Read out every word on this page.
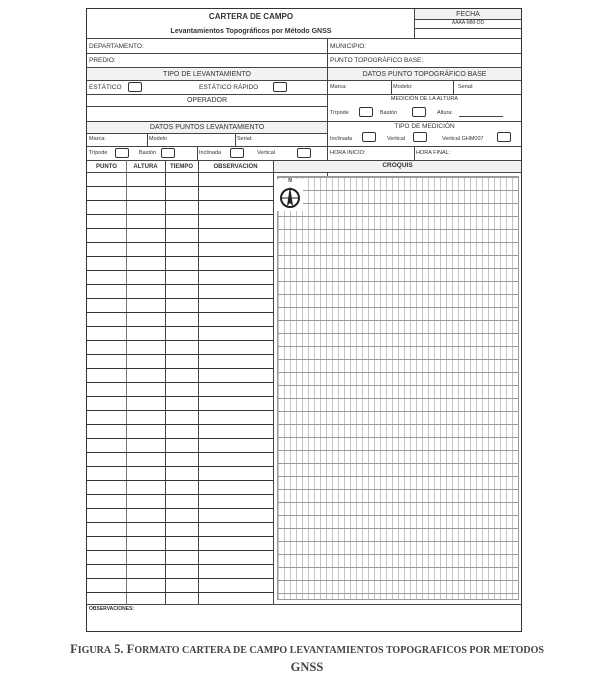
CARTERA DE CAMPO
Levantamientos Topográficos por Método GNSS
FECHA
AAAA-MM-DD
DEPARTAMENTO:	MUNICIPIO:
PREDIO:	PUNTO TOPOGRÁFICO BASE:
TIPO DE LEVANTAMIENTO
ESTÁTICO	ESTÁTICO RÁPIDO
OPERADOR
DATOS PUNTOS LEVANTAMIENTO
Marca:	Modelo	Serial:
Tripode	Bastón	Inclinada	Vertical
DATOS PUNTO TOPOGRÁFICO BASE
Marca:	Modelo:	Serial:
MEDICIÓN DE LA ALTURA
Trípode	Bastón	Altura:
TIPO DE MEDICIÓN
Inclinada	Vertical	Vertical GHM007
HORA INICIO:	HORA FINAL:
PUNTO	ALTURA	TIEMPO	OBSERVACIÓN	CROQUIS
N
OBSERVACIONES:
FIGURA 5. FORMATO CARTERA DE CAMPO LEVANTAMIENTOS TOPOGRAFICOS POR METODOS
GNSS
